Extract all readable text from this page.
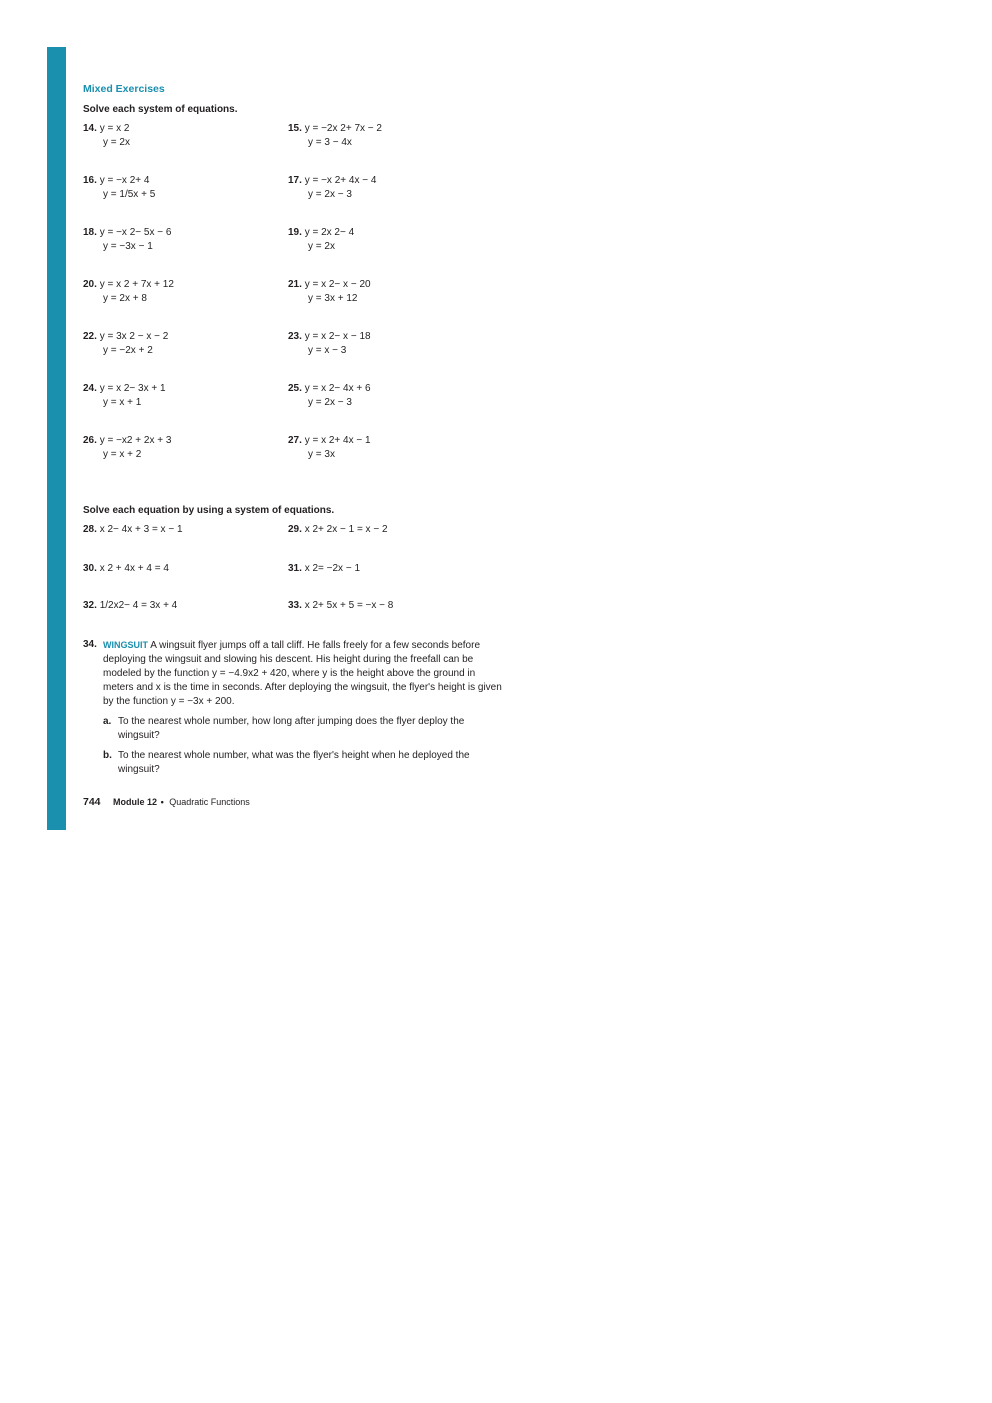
Mixed Exercises
Solve each system of equations.
14. y = x 2
y = 2x
15. y = −2x 2+ 7x − 2
y = 3 − 4x
16. y = −x 2+ 4
y = 1/5x + 5
17. y = −x 2+ 4x − 4
y = 2x − 3
18. y = −x 2− 5x − 6
y = −3x − 1
19. y = 2x 2− 4
y = 2x
20. y = x 2 + 7x + 12
y = 2x + 8
21. y = x 2− x − 20
y = 3x + 12
22. y = 3x 2 − x − 2
y = −2x + 2
23. y = x 2− x − 18
y = x − 3
24. y = x 2− 3x + 1
y = x + 1
25. y = x 2− 4x + 6
y = 2x − 3
26. y = −x2 + 2x + 3
y = x + 2
27. y = x 2+ 4x − 1
y = 3x
Solve each equation by using a system of equations.
28. x 2− 4x + 3 = x − 1	29. x 2+ 2x − 1 = x − 2
30. x 2 + 4x + 4 = 4	31. x 2= −2x − 1
32. 1/2x2− 4 = 3x + 4	33. x 2+ 5x + 5 = −x − 8
34. WINGSUIT A wingsuit flyer jumps off a tall cliff. He falls freely for a few seconds before deploying the wingsuit and slowing his descent. His height during the freefall can be modeled by the function y = −4.9x2 + 420, where y is the height above the ground in meters and x is the time in seconds. After deploying the wingsuit, the flyer's height is given by the function y = −3x + 200.
a. To the nearest whole number, how long after jumping does the flyer deploy the wingsuit?
b. To the nearest whole number, what was the flyer's height when he deployed the wingsuit?
744 Module 12 • Quadratic Functions
